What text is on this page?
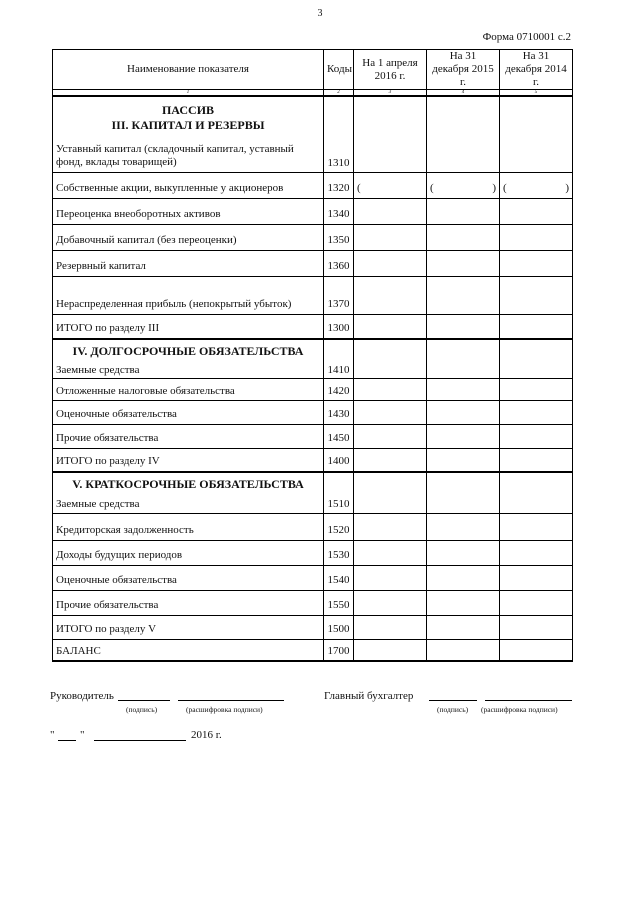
3
Форма 0710001 с.2
Наименование показателя	Коды	На 1 апреля 2016 г.	На 31 декабря 2015 г.	На 31 декабря 2014 г.
1	2	3	4	5

ПАССИВ
III. КАПИТАЛ И РЕЗЕРВЫ				

Уставный капитал (складочный капитал, уставный фонд, вклады товарищей)	1310			
Собственные акции, выкупленные у акционеров	1320	(	( )	( )

Переоценка внеоборотных активов	1340			
Добавочный капитал (без переоценки)	1350			
Резервный капитал	1360			
Нераспределенная прибыль (непокрытый убыток)	1370			
ИТОГО по разделу III	1300			
IV. ДОЛГОСРОЧНЫЕ ОБЯЗАТЕЛЬСТВА				
Заемные средства	1410			
Отложенные налоговые обязательства	1420			
Оценочные обязательства	1430			
Прочие обязательства	1450			
ИТОГО по разделу IV	1400			
V. КРАТКОСРОЧНЫЕ ОБЯЗАТЕЛЬСТВА				
Заемные средства	1510			
Кредиторская задолженность	1520			
Доходы будущих периодов	1530			
Оценочные обязательства	1540			
Прочие обязательства	1550			
ИТОГО по разделу V	1500			
БАЛАНС	1700			
Руководитель
(подпись)	(расшифровка подписи)
Главный бухгалтер
(подпись) (расшифровка подписи)
" "	2016 г.
